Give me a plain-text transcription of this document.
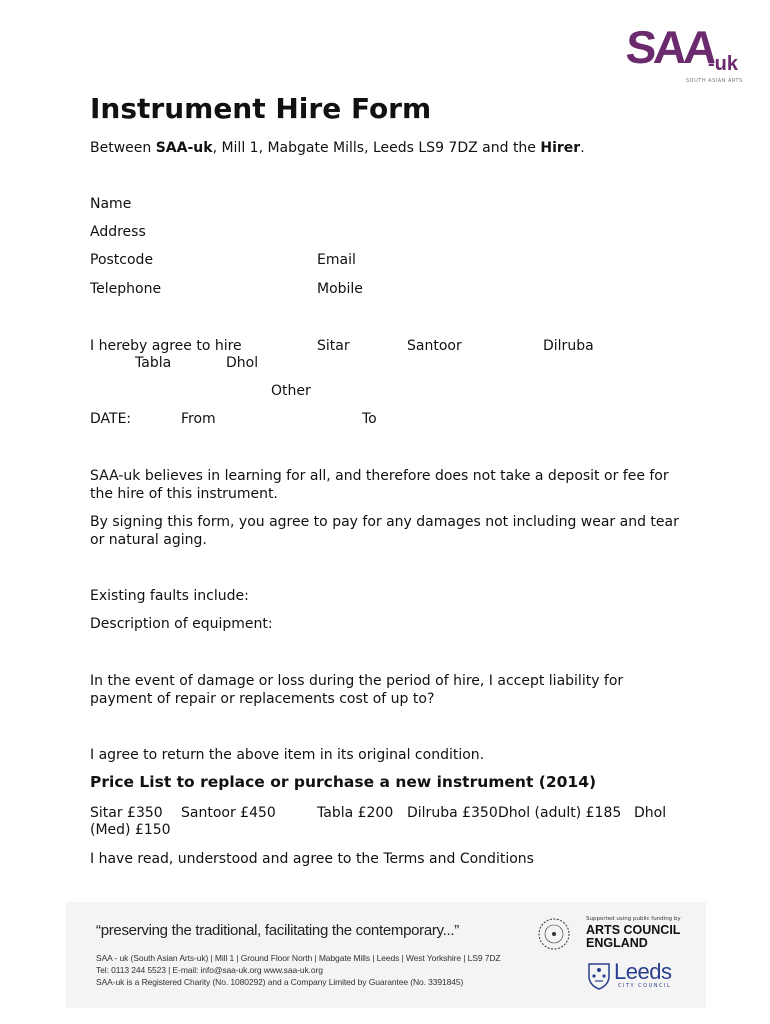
SAA
-uk
SOUTH ASIAN ARTS
Instrument Hire Form
Between SAA-uk, Mill 1, Mabgate Mills, Leeds LS9 7DZ and the Hirer.
Name
Address
Postcode	Email
Telephone	Mobile
I hereby agree to hire	Sitar	Santoor	Dilruba
Tabla	Dhol
Other
DATE:	From	To
SAA-uk believes in learning for all, and therefore does not take a deposit or fee for the hire of this instrument.
By signing this form, you agree to pay for any damages not including wear and tear or natural aging.
Existing faults include:
Description of equipment:
In the event of damage or loss during the period of hire, I accept liability for payment of repair or replacements cost of up to?
I agree to return the above item in its original condition.
Price List to replace or purchase a new instrument (2014)
Sitar £350 Santoor £450	Tabla £200 Dilruba £350 Dhol (adult) £185 Dhol
(Med) £150
I have read, understood and agree to the Terms and Conditions
“preserving the traditional, facilitating the contemporary...”
SAA - uk (South Asian Arts-uk) | Mill 1 | Ground Floor North | Mabgate Mills | Leeds | West Yorkshire | LS9 7DZ
Tel: 0113 244 5523 | E-mail: info@saa-uk.org www.saa-uk.org
SAA-uk is a Registered Charity (No. 1080292) and a Company Limited by Guarantee (No. 3391845)
Supported using public funding by
ARTS COUNCIL
ENGLAND
Leeds
CITY COUNCIL
